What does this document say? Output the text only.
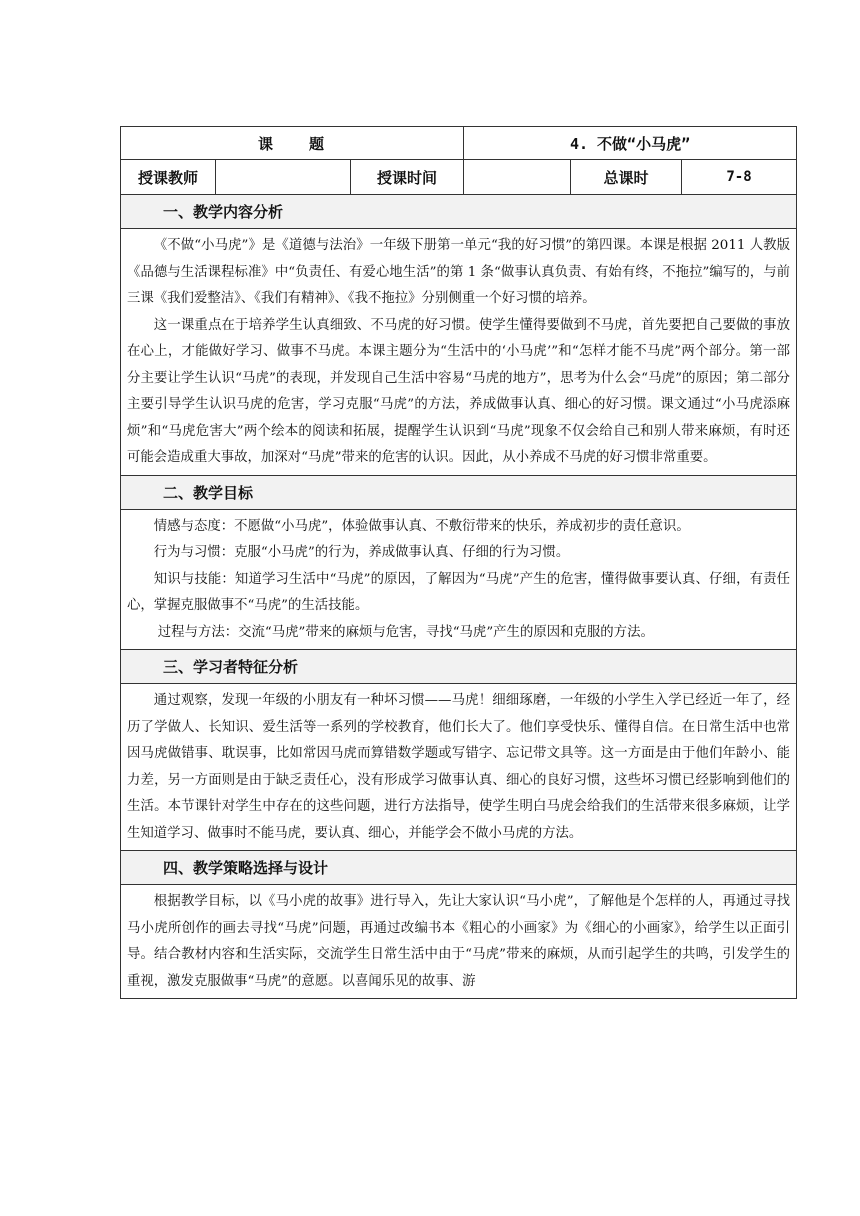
课　　题			4. 不做“小马虎”		
授课教师		授课时间		总课时	7-8
一、教学内容分析					

《不做“小马虎”》是《道德与法治》一年级下册第一单元“我的好习惯”的第四课。本课是根据 2011 人教版《品德与生活课程标准》中“负责任、有爱心地生活”的第 1 条“做事认真负责、有始有终，不拖拉”编写的，与前三课《我们爱整洁》、《我们有精神》、《我不拖拉》分别侧重一个好习惯的培养。

这一课重点在于培养学生认真细致、不马虎的好习惯。使学生懂得要做到不马虎，首先要把自己要做的事放在心上，才能做好学习、做事不马虎。本课主题分为“生活中的‘小马虎’”和“怎样才能不马虎”两个部分。第一部分主要让学生认识“马虎”的表现，并发现自己生活中容易“马虎的地方”，思考为什么会“马虎”的原因；第二部分主要引导学生认识马虎的危害，学习克服“马虎”的方法，养成做事认真、细心的好习惯。课文通过“小马虎添麻烦”和“马虎危害大”两个绘本的阅读和拓展，提醒学生认识到“马虎”现象不仅会给自己和别人带来麻烦，有时还可能会造成重大事故，加深对“马虎”带来的危害的认识。因此，从小养成不马虎的好习惯非常重要。					

二、教学目标					

情感与态度：不愿做“小马虎”，体验做事认真、不敷衍带来的快乐，养成初步的责任意识。

行为与习惯：克服“小马虎”的行为，养成做事认真、仔细的行为习惯。

知识与技能：知道学习生活中“马虎”的原因，了解因为“马虎”产生的危害，懂得做事要认真、仔细，有责任心，掌握克服做事不“马虎”的生活技能。

过程与方法：交流“马虎”带来的麻烦与危害，寻找“马虎”产生的原因和克服的方法。					

三、学习者特征分析					

通过观察，发现一年级的小朋友有一种坏习惯——马虎！细细琢磨，一年级的小学生入学已经近一年了，经历了学做人、长知识、爱生活等一系列的学校教育，他们长大了。他们享受快乐、懂得自信。在日常生活中也常因马虎做错事、耽误事，比如常因马虎而算错数学题或写错字、忘记带文具等。这一方面是由于他们年龄小、能力差，另一方面则是由于缺乏责任心，没有形成学习做事认真、细心的良好习惯，这些坏习惯已经影响到他们的生活。本节课针对学生中存在的这些问题，进行方法指导，使学生明白马虎会给我们的生活带来很多麻烦，让学生知道学习、做事时不能马虎，要认真、细心，并能学会不做小马虎的方法。					

四、教学策略选择与设计					

根据教学目标，以《马小虎的故事》进行导入，先让大家认识“马小虎”，了解他是个怎样的人，再通过寻找马小虎所创作的画去寻找“马虎”问题，再通过改编书本《粗心的小画家》为《细心的小画家》，给学生以正面引导。结合教材内容和生活实际，交流学生日常生活中由于“马虎”带来的麻烦，从而引起学生的共鸣，引发学生的重视，激发克服做事“马虎”的意愿。以喜闻乐见的故事、游					
